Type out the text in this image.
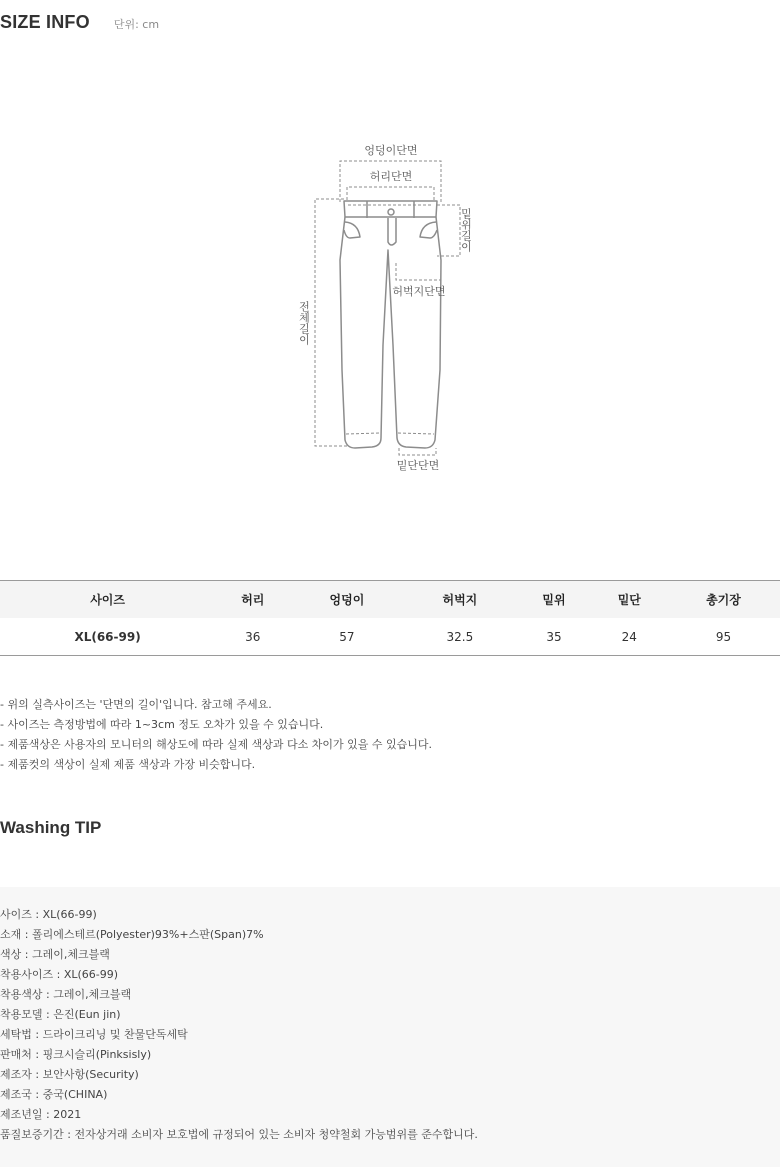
SIZE INFO 단위: cm
엉덩이단면
허리단면
밑위길이
허벅지단면
전체길이
밑단단면
사이즈	허리	엉덩이	허벅지	밑위	밑단	총기장
XL(66-99)	36	57	32.5	35	24	95
- 위의 실측사이즈는 '단면의 길이'입니다. 참고해 주세요.
- 사이즈는 측정방법에 따라 1~3cm 정도 오차가 있을 수 있습니다.
- 제품색상은 사용자의 모니터의 해상도에 따라 실제 색상과 다소 차이가 있을 수 있습니다.
- 제품컷의 색상이 실제 제품 색상과 가장 비슷합니다.
Washing TIP
사이즈 : XL(66-99)
소재 : 폴리에스테르(Polyester)93%+스판(Span)7%
색상 : 그레이,체크블랙
착용사이즈 : XL(66-99)
착용색상 : 그레이,체크블랙
착용모델 : 은진(Eun jin)
세탁법 : 드라이크리닝 및 찬물단독세탁
판매처 : 핑크시슬리(Pinksisly)
제조자 : 보안사항(Security)
제조국 : 중국(CHINA)
제조년일 : 2021
품질보증기간 : 전자상거래 소비자 보호법에 규정되어 있는 소비자 청약철회 가능범위를 준수합니다.
